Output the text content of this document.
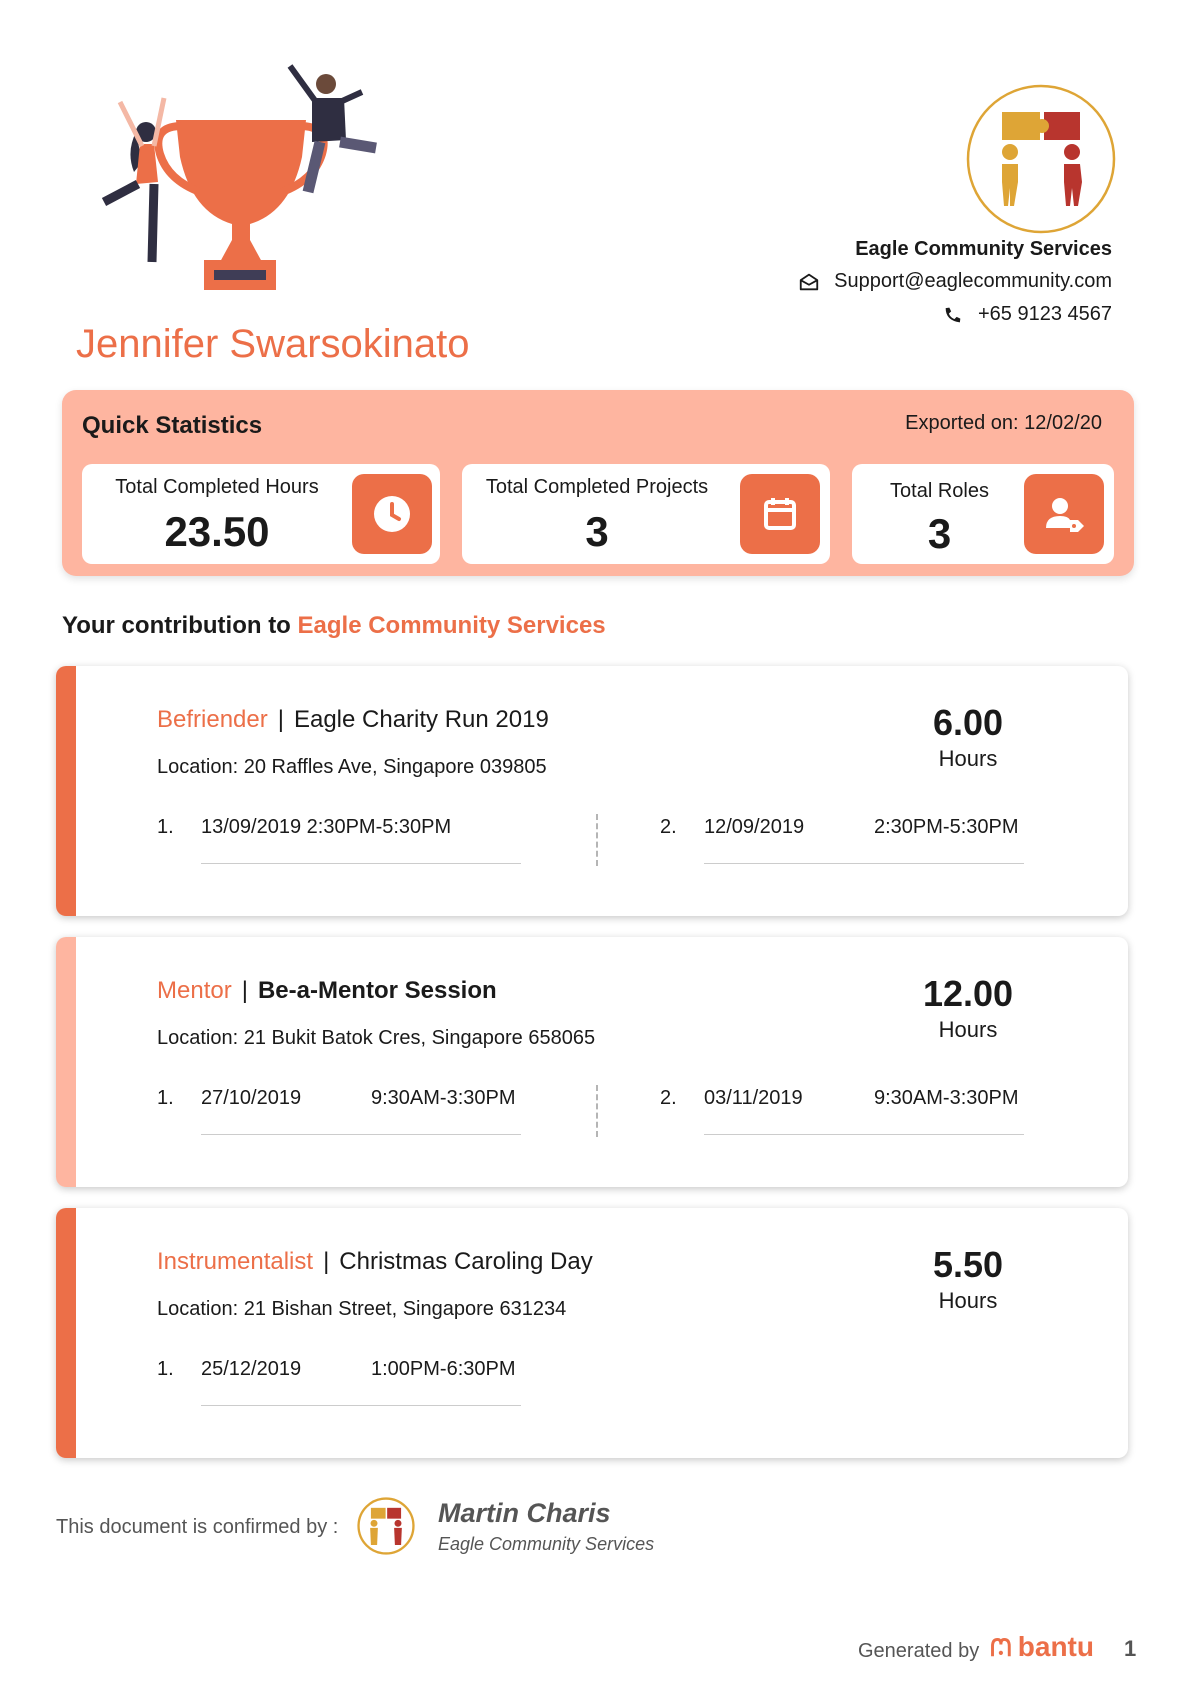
Jennifer Swarsokinato
Eagle Community Services
Support@eaglecommunity.com
+65 9123 4567
Quick Statistics	Exported on: 12/02/20
Total Completed Hours
23.50
Total Completed Projects
3
Total Roles
3
Your contribution to Eagle Community Services
Befriender | Eagle Charity Run 2019
Location: 20 Raffles Ave, Singapore 039805
6.00
Hours
1. 13/09/2019 2:30PM-5:30PM	2. 12/09/2019	2:30PM-5:30PM
Mentor | Be-a-Mentor Session
Location: 21 Bukit Batok Cres, Singapore 658065
12.00
Hours
1. 27/10/2019	9:30AM-3:30PM	2. 03/11/2019	9:30AM-3:30PM
Instrumentalist | Christmas Caroling Day
Location: 21 Bishan Street, Singapore 631234
5.50
Hours
1. 25/12/2019	1:00PM-6:30PM
This document is confirmed by :	Martin Charis
Eagle Community Services
Generated by bantu 1
